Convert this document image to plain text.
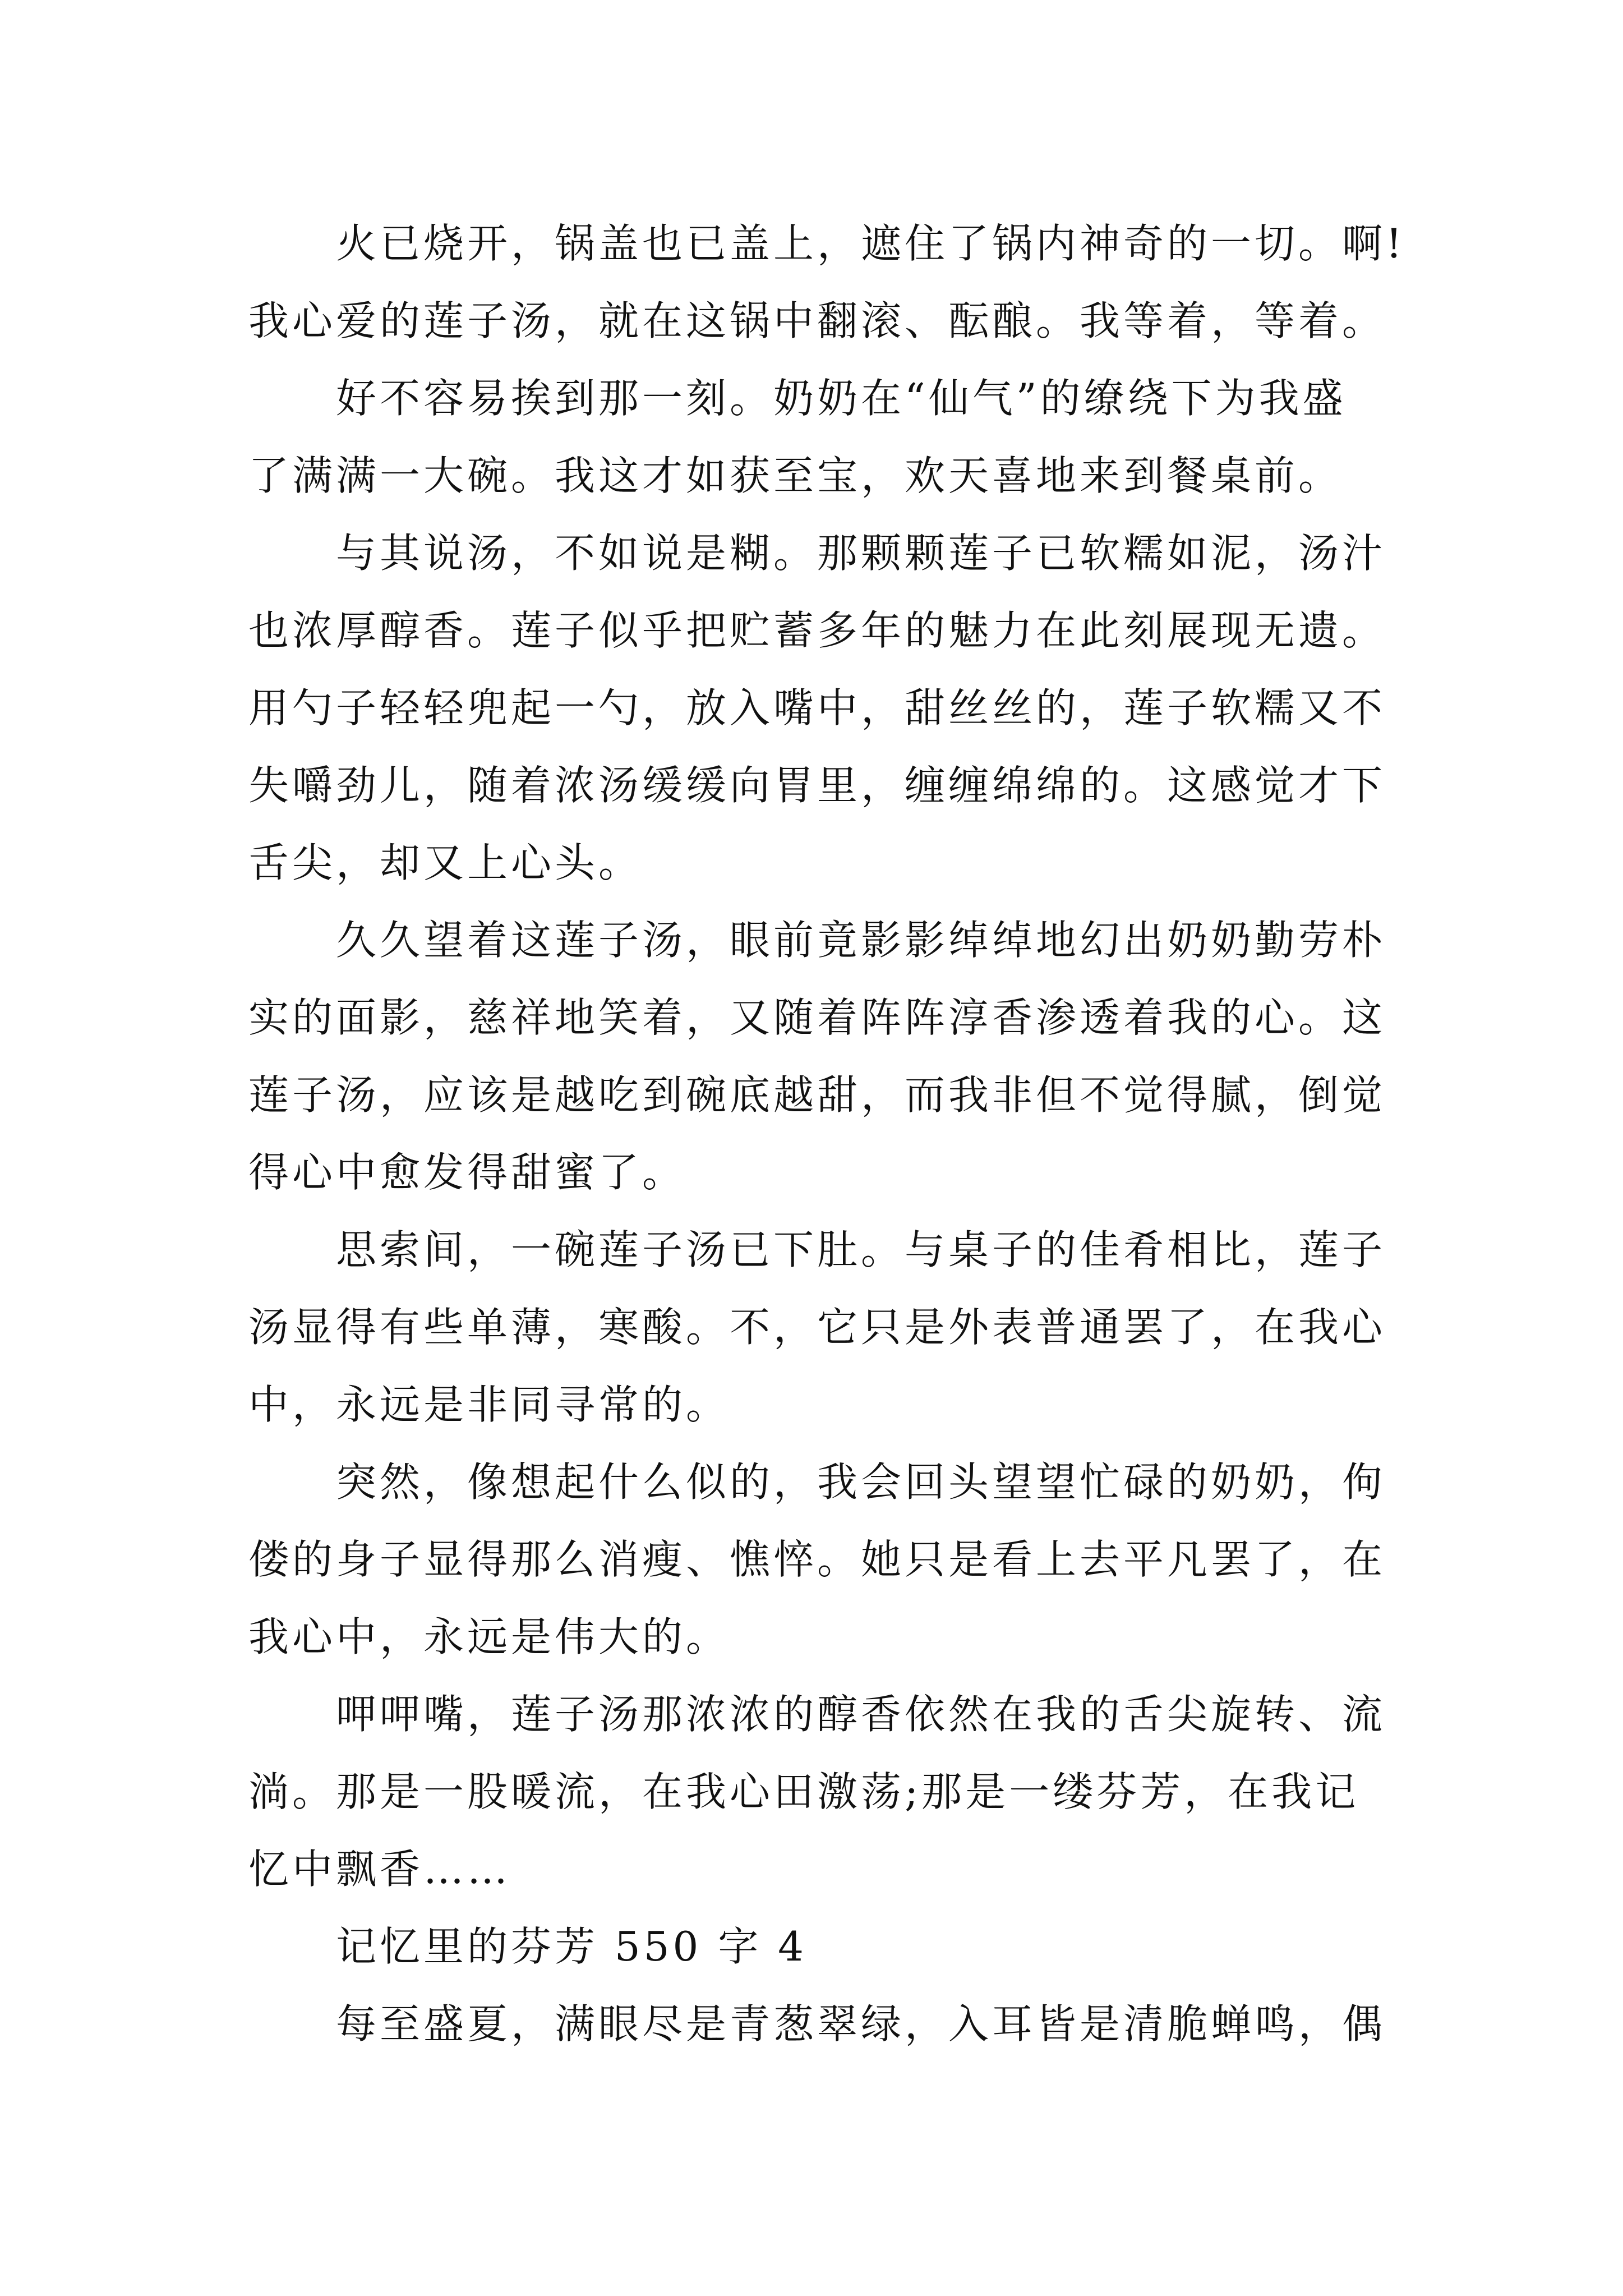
火已烧开，锅盖也已盖上，遮住了锅内神奇的一切。啊!
我心爱的莲子汤，就在这锅中翻滚、酝酿。我等着，等着。
好不容易挨到那一刻。奶奶在“仙气”的缭绕下为我盛
了满满一大碗。我这才如获至宝，欢天喜地来到餐桌前。
与其说汤，不如说是糊。那颗颗莲子已软糯如泥，汤汁
也浓厚醇香。莲子似乎把贮蓄多年的魅力在此刻展现无遗。
用勺子轻轻兜起一勺，放入嘴中，甜丝丝的，莲子软糯又不
失嚼劲儿，随着浓汤缓缓向胃里，缠缠绵绵的。这感觉才下
舌尖，却又上心头。
久久望着这莲子汤，眼前竟影影绰绰地幻出奶奶勤劳朴
实的面影，慈祥地笑着，又随着阵阵淳香渗透着我的心。这
莲子汤，应该是越吃到碗底越甜，而我非但不觉得腻，倒觉
得心中愈发得甜蜜了。
思索间，一碗莲子汤已下肚。与桌子的佳肴相比，莲子
汤显得有些单薄，寒酸。不，它只是外表普通罢了，在我心
中，永远是非同寻常的。
突然，像想起什么似的，我会回头望望忙碌的奶奶，佝
偻的身子显得那么消瘦、憔悴。她只是看上去平凡罢了，在
我心中，永远是伟大的。
呷呷嘴，莲子汤那浓浓的醇香依然在我的舌尖旋转、流
淌。那是一股暖流，在我心田激荡;那是一缕芬芳，在我记
忆中飘香……
记忆里的芬芳 550 字 4
每至盛夏，满眼尽是青葱翠绿，入耳皆是清脆蝉鸣，偶
